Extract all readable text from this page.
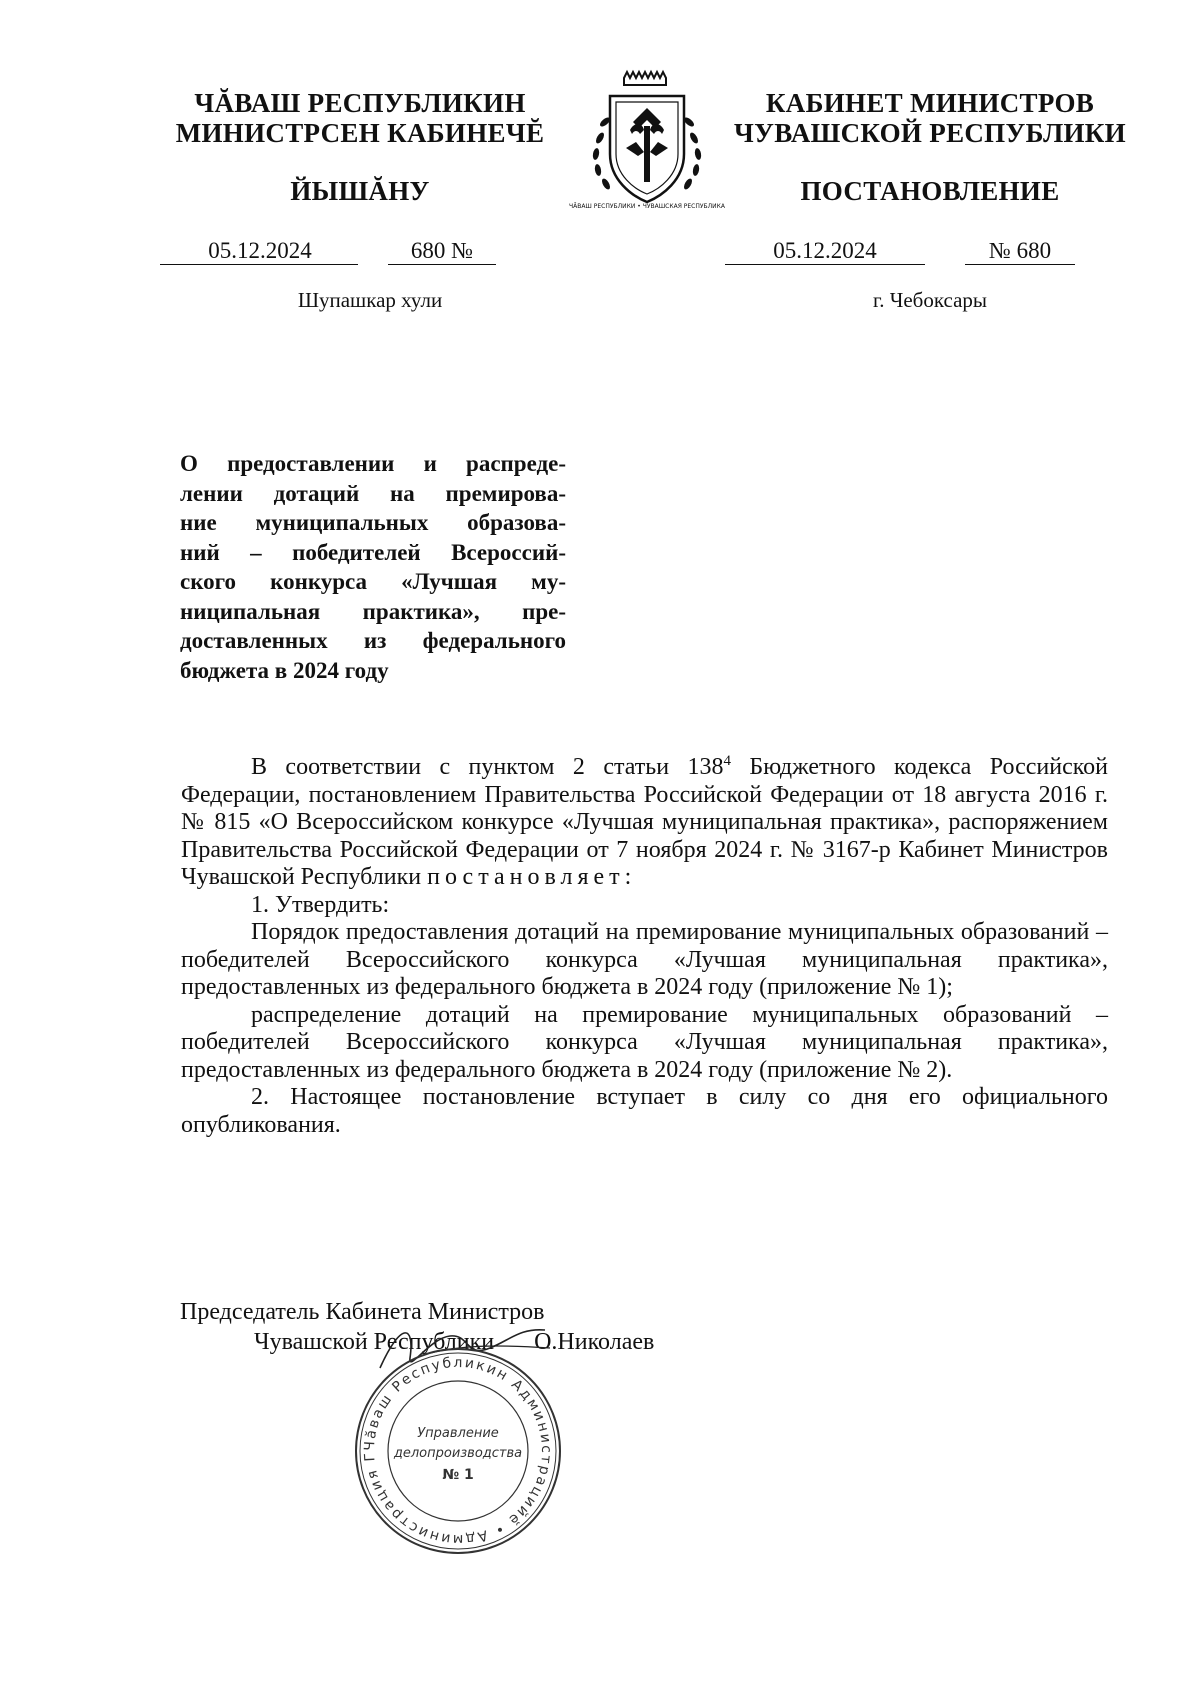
ЧĂВАШ РЕСПУБЛИКИН
МИНИСТРСЕН КАБИНЕЧĔ
ЙЫШĂНУ
05.12.2024	680 №
Шупашкар хули
ЧĂВАШ РЕСПУБЛИКИ • ЧУВАШСКАЯ РЕСПУБЛИКА
КАБИНЕТ МИНИСТРОВ
ЧУВАШСКОЙ РЕСПУБЛИКИ
ПОСТАНОВЛЕНИЕ
05.12.2024	№ 680
г. Чебоксары
О предоставлении и распреде-
лении дотаций на премирова-
ние муниципальных образова-
ний – победителей Всероссий-
ского конкурса «Лучшая му-
ниципальная практика», пре-
доставленных из федерального
бюджета в 2024 году

В соответствии с пунктом 2 статьи $138^4$ Бюджетного кодекса Российской Федерации, постановлением Правительства Российской Федерации от 18 августа 2016 г. № 815 «О Всероссийском конкурсе «Лучшая муниципальная практика», распоряжением Правительства Российской Федерации от 7 ноября 2024 г. № 3167-р Кабинет Министров Чувашской Республики постановляет:

1. Утвердить:

Порядок предоставления дотаций на премирование муниципальных образований – победителей Всероссийского конкурса «Лучшая муниципальная практика», предоставленных из федерального бюджета в 2024 году (приложение № 1);

распределение дотаций на премирование муниципальных образований – победителей Всероссийского конкурса «Лучшая муниципальная практика», предоставленных из федерального бюджета в 2024 году (приложение № 2).

2. Настоящее постановление вступает в силу со дня его официального опубликования.

Председатель Кабинета Министров
Чувашской Республики О.Николаев
Чăваш Республикин Администрацийĕ • Администрация Г
Управление
делопроизводства
№ 1
